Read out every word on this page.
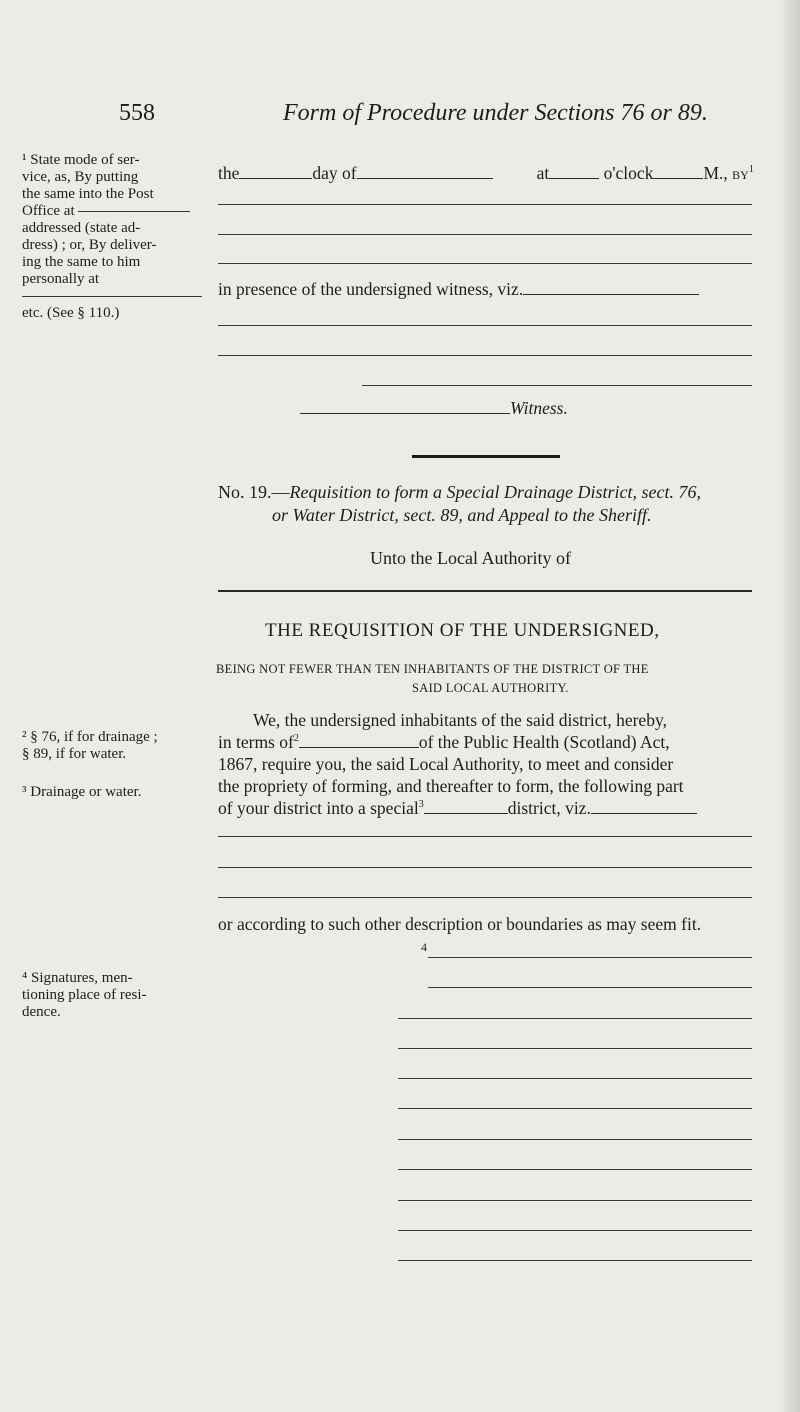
558	Form of Procedure under Sections 76 or 89.
¹ State mode of ser-
vice, as, By putting
the same into the Post
Office at
addressed (state ad-
dress) ; or, By deliver-
ing the same to him
personally at
etc. (See § 110.)
the	day of	at	o'clock	M., $by^1$
in presence of the undersigned witness, viz.
Witness.
No. 19.—Requisition to form a Special Drainage District, sect. 76,
or Water District, sect. 89, and Appeal to the Sheriff.
Unto the Local Authority of
THE REQUISITION OF THE UNDERSIGNED,
BEING NOT FEWER THAN TEN INHABITANTS OF THE DISTRICT OF THE
SAID LOCAL AUTHORITY.
² § 76, if for drainage ;
§ 89, if for water.
³ Drainage or water.
We, the undersigned inhabitants of the said district, hereby,
in terms $of^2$	of the Public Health (Scotland) Act,
1867, require you, the said Local Authority, to meet and consider
the propriety of forming, and thereafter to form, the following part
of your district into a special$^3$	district, viz.
or according to such other description or boundaries as may seem fit.
⁴ Signatures, men-
tioning place of resi-
dence.
4
